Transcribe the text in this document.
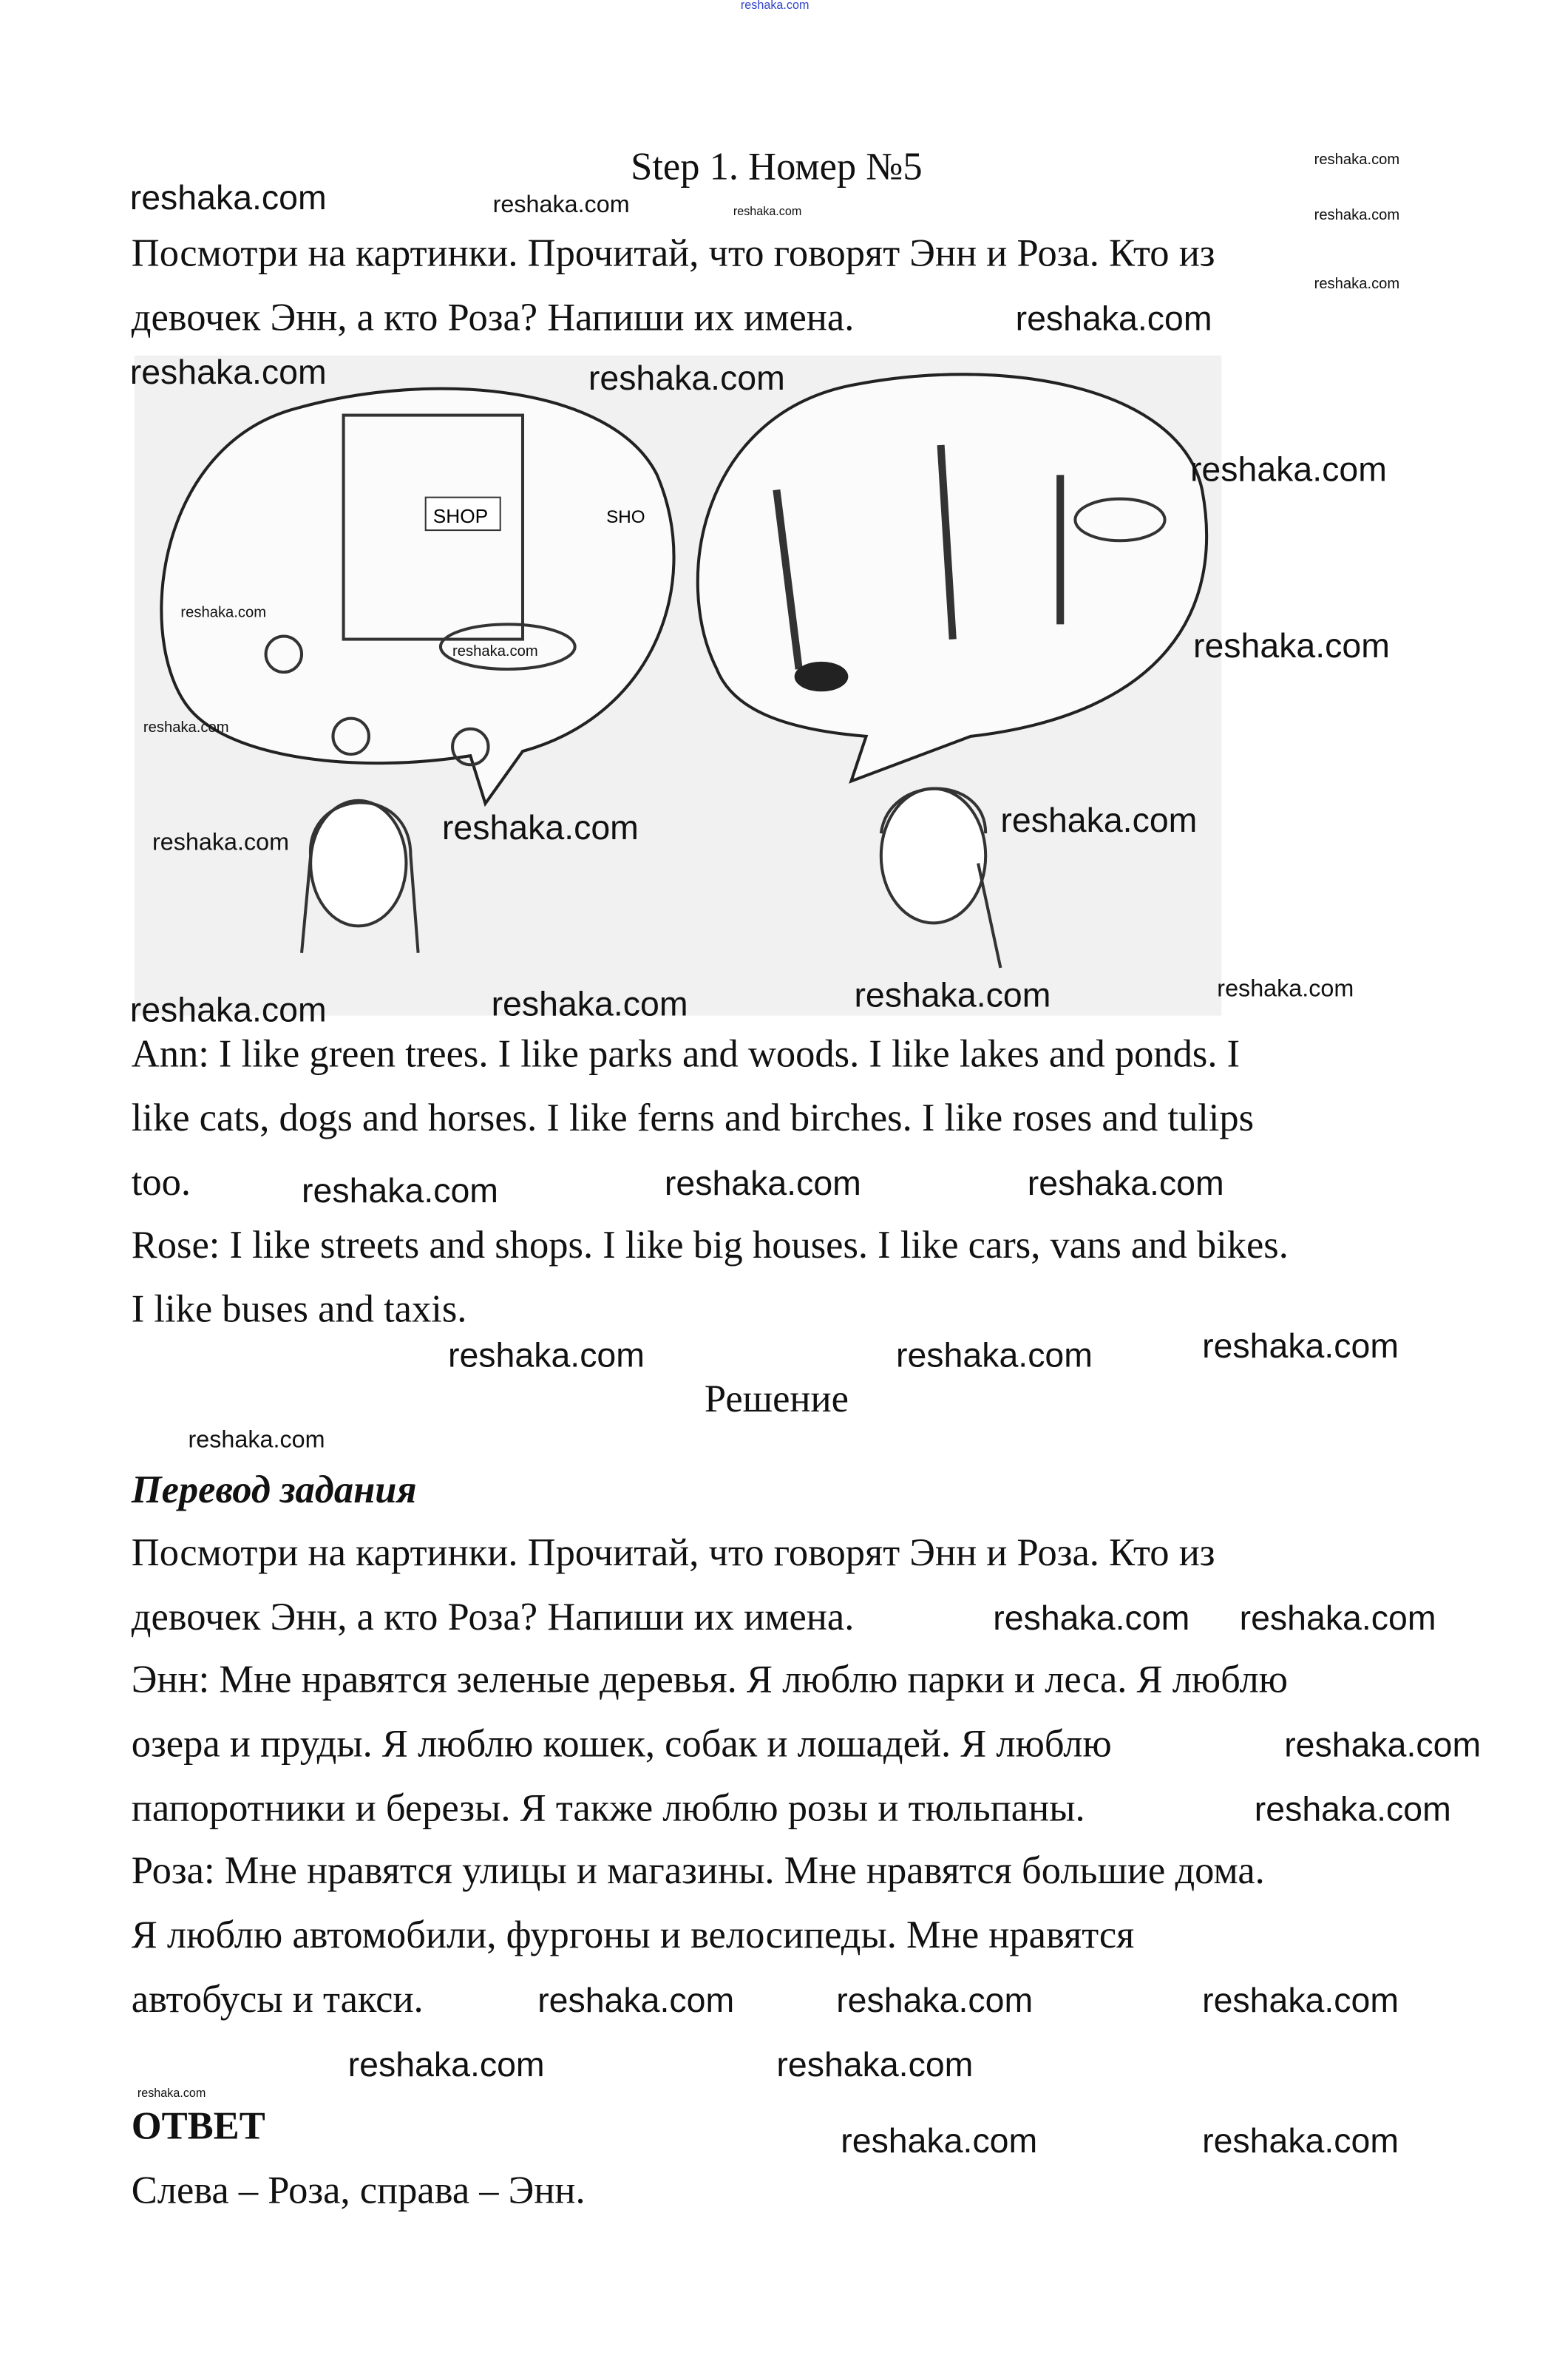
reshaka.com
Step 1. Номер №5
Посмотри на картинки. Прочитай, что говорят Энн и Роза. Кто из
девочек Энн, а кто Роза? Напиши их имена.
SHOP	SHO
Ann: I like green trees. I like parks and woods. I like lakes and ponds. I
like cats, dogs and horses. I like ferns and birches. I like roses and tulips
too.
Rose: I like streets and shops. I like big houses. I like cars, vans and bikes.
I like buses and taxis.
Решение
Перевод задания
Посмотри на картинки. Прочитай, что говорят Энн и Роза. Кто из
девочек Энн, а кто Роза? Напиши их имена.
Энн: Мне нравятся зеленые деревья. Я люблю парки и леса. Я люблю
озера и пруды. Я люблю кошек, собак и лошадей. Я люблю
папоротники и березы. Я также люблю розы и тюльпаны.
Роза: Мне нравятся улицы и магазины. Мне нравятся большие дома.
Я люблю автомобили, фургоны и велосипеды. Мне нравятся
автобусы и такси.
ОТВЕТ
Слева – Роза, справа – Энн.
reshaka.com	reshaka.com	reshaka.com
reshaka.com
reshaka.com
reshaka.com
reshaka.com
reshaka.com	reshaka.com
reshaka.com
reshaka.com
reshaka.com
reshaka.com
reshaka.com
reshaka.com	reshaka.com	reshaka.com
reshaka.com	reshaka.com	reshaka.com	reshaka.com
reshaka.com	reshaka.com	reshaka.com
reshaka.com	reshaka.com	reshaka.com
reshaka.com
reshaka.com	reshaka.com
reshaka.com
reshaka.com
reshaka.com	reshaka.com	reshaka.com
reshaka.com	reshaka.com
reshaka.com	reshaka.com
reshaka.com
